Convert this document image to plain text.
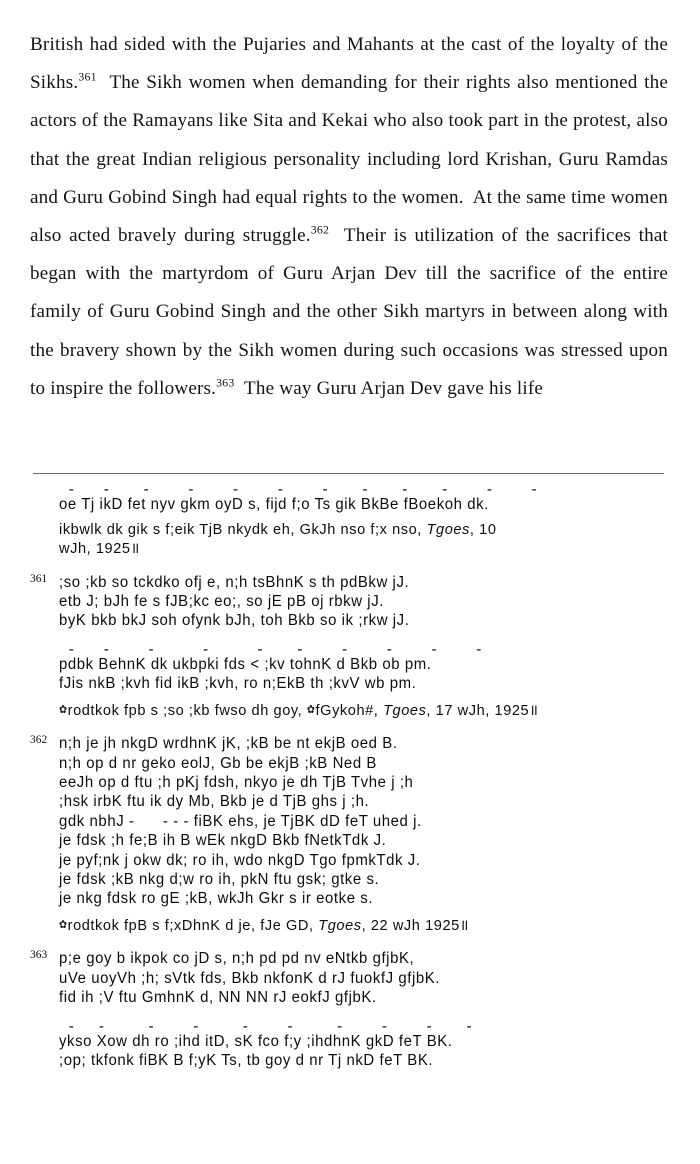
British had sided with the Pujaries and Mahants at the cast of the loyalty of the Sikhs.$^{361}$  The Sikh women when demanding for their rights also mentioned the actors of the Ramayans like Sita and Kekai who also took part in the protest, also that the great Indian religious personality including lord Krishan, Guru Ramdas and Guru Gobind Singh had equal rights to the women.  At the same time women also acted bravely during struggle.$^{362}$  Their is utilization of the sacrifices that began with the martyrdom of Guru Arjan Dev till the sacrifice of the entire family of Guru Gobind Singh and the other Sikh martyrs in between along with the bravery shown by the Sikh women during such occasions was stressed upon to inspire the followers.$^{363}$  The way Guru Arjan Dev gave his life

-      -       -        -        -        -        -       -       -       -        -        -
oe Tj ikD fet nyv gkm oyD s, fijd f;o Ts gik BkBe fBoekoh dk.
ikbwlk dk gik s f;eik TjB nkydk eh, GkJh nso f;x nso, Tgoes, 10
wJh, 1925॥
361 ;so ;kb so tckdko ofj e, n;h tsBhnK s th pdBkw jJ.
etb J; bJh fe s fJB;kc eo;, so jE pB oj rbkw jJ.
byK bkb bkJ soh ofynk bJh, toh Bkb so ik ;rkw jJ.
-      -        -          -          -       -        -        -        -        -
pdbk BehnK dk ukbpki fds < ;kv tohnK d Bkb ob pm.
fJis nkB ;kvh fid ikB ;kvh, ro n;EkB th ;kvV wb pm.
✿rodtkok fpb s ;so ;kb fwso dh goy, ✿fGykoh#, Tgoes, 17 wJh, 1925॥
362 n;h je jh nkgD wrdhnK jK, ;kB be nt ekjB oed B.
n;h op d nr geko eolJ, Gb be ekjB ;kB Ned B
eeJh op d ftu ;h pKj fdsh, nkyo je dh TjB Tvhe j ;h
;hsk irbK ftu ik dy Mb, Bkb je d TjB ghs j ;h.
gdk nbhJ -      - - - fiBK ehs, je TjBK dD feT uhed j.
je fdsk ;h fe;B ih B wEk nkgD Bkb fNetkTdk J.
je pyf;nk j okw dk; ro ih, wdo nkgD Tgo fpmkTdk J.
je fdsk ;kB nkg d;w ro ih, pkN ftu gsk; gtke s.
je nkg fdsk ro gE ;kB, wkJh Gkr s ir eotke s.
✿rodtkok fpB s f;xDhnK d je, fJe GD, Tgoes, 22 wJh 1925॥
363 p;e goy b ikpok co jD s, n;h pd pd nv eNtkb gfjbK,
uVe uoyVh ;h; sVtk fds, Bkb nkfonK d rJ fuokfJ gfjbK.
fid ih ;V ftu GmhnK d, NN NN rJ eokfJ gfjbK.
-     -         -        -         -        -         -        -        -       -
ykso Xow dh ro ;ihd itD, sK fco f;y ;ihdhnK gkD feT BK.
;op; tkfonk fiBK B f;yK Ts, tb goy d nr Tj nkD feT BK.
